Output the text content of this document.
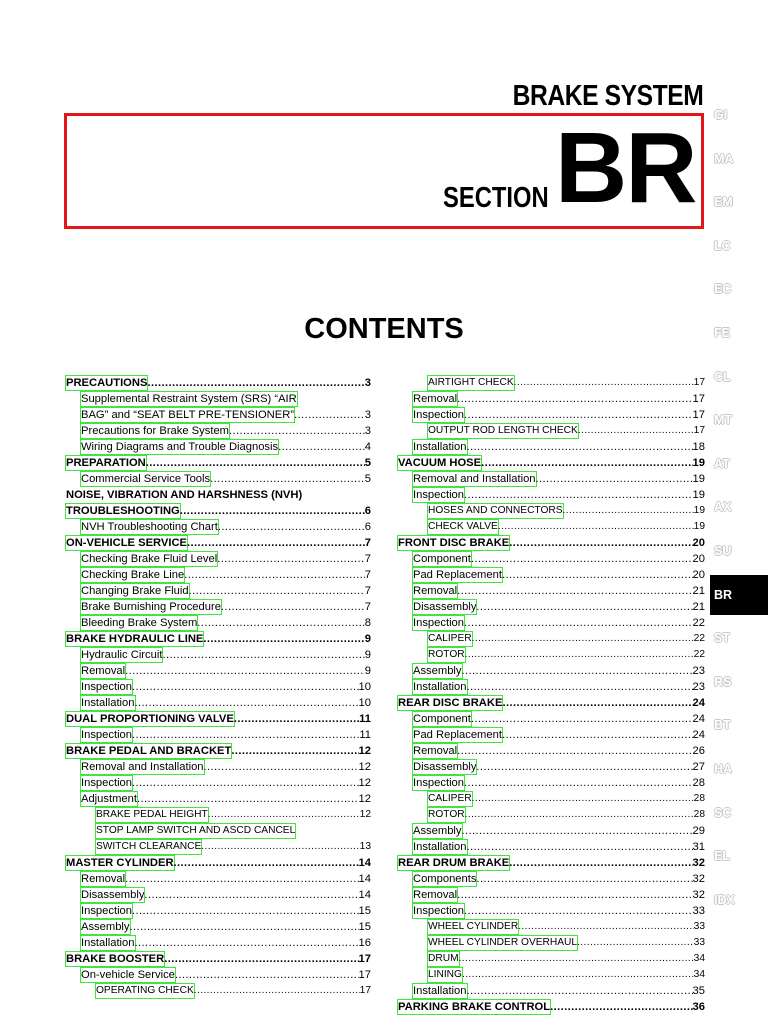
BRAKE SYSTEM
SECTION BR
CONTENTS
PRECAUTIONS .....	3
Supplemental Restraint System (SRS) “AIR
BAG” and “SEAT BELT PRE-TENSIONER” .....	3
Precautions for Brake System .....	3
Wiring Diagrams and Trouble Diagnosis .....	4
PREPARATION .....	5
Commercial Service Tools .....	5
NOISE, VIBRATION AND HARSHNESS (NVH)
TROUBLESHOOTING .....	6
NVH Troubleshooting Chart .....	6
ON-VEHICLE SERVICE .....	7
Checking Brake Fluid Level .....	7
Checking Brake Line .....	7
Changing Brake Fluid .....	7
Brake Burnishing Procedure .....	7
Bleeding Brake System .....	8
BRAKE HYDRAULIC LINE .....	9
Hydraulic Circuit .....	9
Removal .....	9
Inspection .....	10
Installation .....	10
DUAL PROPORTIONING VALVE .....	11
Inspection .....	11
BRAKE PEDAL AND BRACKET .....	12
Removal and Installation .....	12
Inspection .....	12
Adjustment .....	12
BRAKE PEDAL HEIGHT .....	12
STOP LAMP SWITCH AND ASCD CANCEL
SWITCH CLEARANCE .....	13
MASTER CYLINDER .....	14
Removal .....	14
Disassembly .....	14
Inspection .....	15
Assembly .....	15
Installation .....	16
BRAKE BOOSTER .....	17
On-vehicle Service .....	17
OPERATING CHECK .....	17
AIRTIGHT CHECK .....	17
Removal .....	17
Inspection .....	17
OUTPUT ROD LENGTH CHECK .....	17
Installation .....	18
VACUUM HOSE .....	19
Removal and Installation .....	19
Inspection .....	19
HOSES AND CONNECTORS .....	19
CHECK VALVE .....	19
FRONT DISC BRAKE .....	20
Component .....	20
Pad Replacement .....	20
Removal .....	21
Disassembly .....	21
Inspection .....	22
CALIPER .....	22
ROTOR .....	22
Assembly .....	23
Installation .....	23
REAR DISC BRAKE .....	24
Component .....	24
Pad Replacement .....	24
Removal .....	26
Disassembly .....	27
Inspection .....	28
CALIPER .....	28
ROTOR .....	28
Assembly .....	29
Installation .....	31
REAR DRUM BRAKE .....	32
Components .....	32
Removal .....	32
Inspection .....	33
WHEEL CYLINDER .....	33
WHEEL CYLINDER OVERHAUL .....	33
DRUM .....	34
LINING .....	34
Installation .....	35
PARKING BRAKE CONTROL .....	36
GI
MA
EM
LC
EC
FE
CL
MT
AT
AX
SU
BR
ST
RS
BT
HA
SC
EL
IDX
